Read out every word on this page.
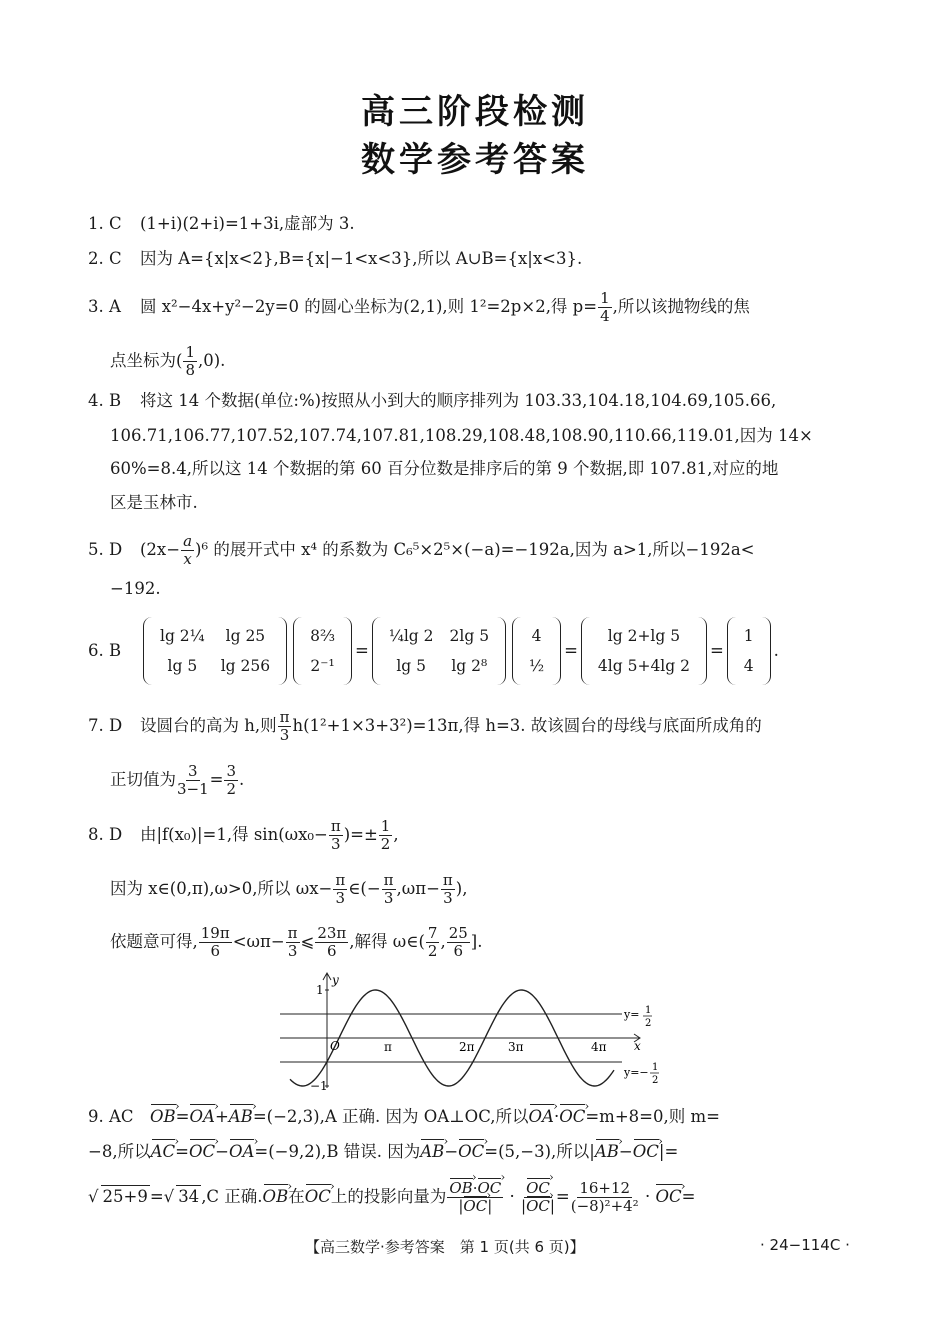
高三阶段检测
数学参考答案
1. C (1+i)(2+i)=1+3i,虚部为 3.
2. C 因为 A={x|x<2},B={x|−1<x<3},所以 A∪B={x|x<3}.
3. A 圆 x²−4x+y²−2y=0 的圆心坐标为(2,1),则 1²=2p×2,得 $p= \frac{1}{4}$ ,所以该抛物线的焦
点坐标为( $\frac{1}{8} ,0$).
4. B 将这 14 个数据(单位:%)按照从小到大的顺序排列为 103.33,104.18,104.69,105.66,
106.71,106.77,107.52,107.74,107.81,108.29,108.48,108.90,110.66,119.01,因为 14×
60%=8.4,所以这 14 个数据的第 60 百分位数是排序后的第 9 个数据,即 107.81,对应的地
区是玉林市.
5. D $(2x- \frac{a}{x} )^6$ 的展开式中 x⁴ 的系数为 C₆⁵×2⁵×(−a)=−192a,因为 a>1,所以−192a<
−192.
6. B
lg 2¼	lg 25
lg 5	lg 256
8⅔
2⁻¹
=
¼lg 2	2lg 5
lg 5	lg 2⁸
4
½
=
lg 2+lg 5
4lg 5+4lg 2
=
1
4
.
7. D 设圆台的高为 h,则 $\frac{\pi}{3} h(1^2+1\times 3+3^2)=13\pi$,得 h=3. 故该圆台的母线与底面所成角的
正切值为 $\frac{3}{3-1} = \frac{3}{2}$ .
8. D 由|f(x₀)|=1,得 $\sin(\omega x_0- \frac{\pi}{3}$ )=± $\frac{1}{2}$ ,
因为 x∈(0,π),ω>0,所以 $\omega x- \frac{\pi}{3}$ ∈(− $\frac{\pi}{3} ,\omega\pi- \frac{\pi}{3}$ ),
依题意可得, $\frac{19\pi}{6} <\omega\pi- \frac{\pi}{3}$ ⩽ $\frac{23\pi}{6}$ ,解得 ω∈( $\frac{7}{2}$ , $\frac{25}{6}$ ].
y
x
O
1
−1
π	2π	3π	4π
y= 1
2
y=− 1
2
9. AC OB ›=OA ›+AB ›=(−2,3),A 正确. 因为 OA⊥OC,所以OA ›·OC ›=m+8=0,则 m=
−8,所以AC ›=OC ›−OA ›=(−9,2),B 错误. 因为AB ›−OC ›=(5,−3),所以|AB ›−OC ›|=
√ 25+9 =√ 34 ,C 正确.OB ›在OC ›上的投影向量为 $\frac{OB ›\cdot OC ›}{|OC ›|} \cdot \frac{OC ›}{|OC ›|} = \frac{16+12}{\text{(−8)²+4²}}$ · OC ›=
【高三数学·参考答案　第 1 页(共 6 页)】	· 24−114C ·
